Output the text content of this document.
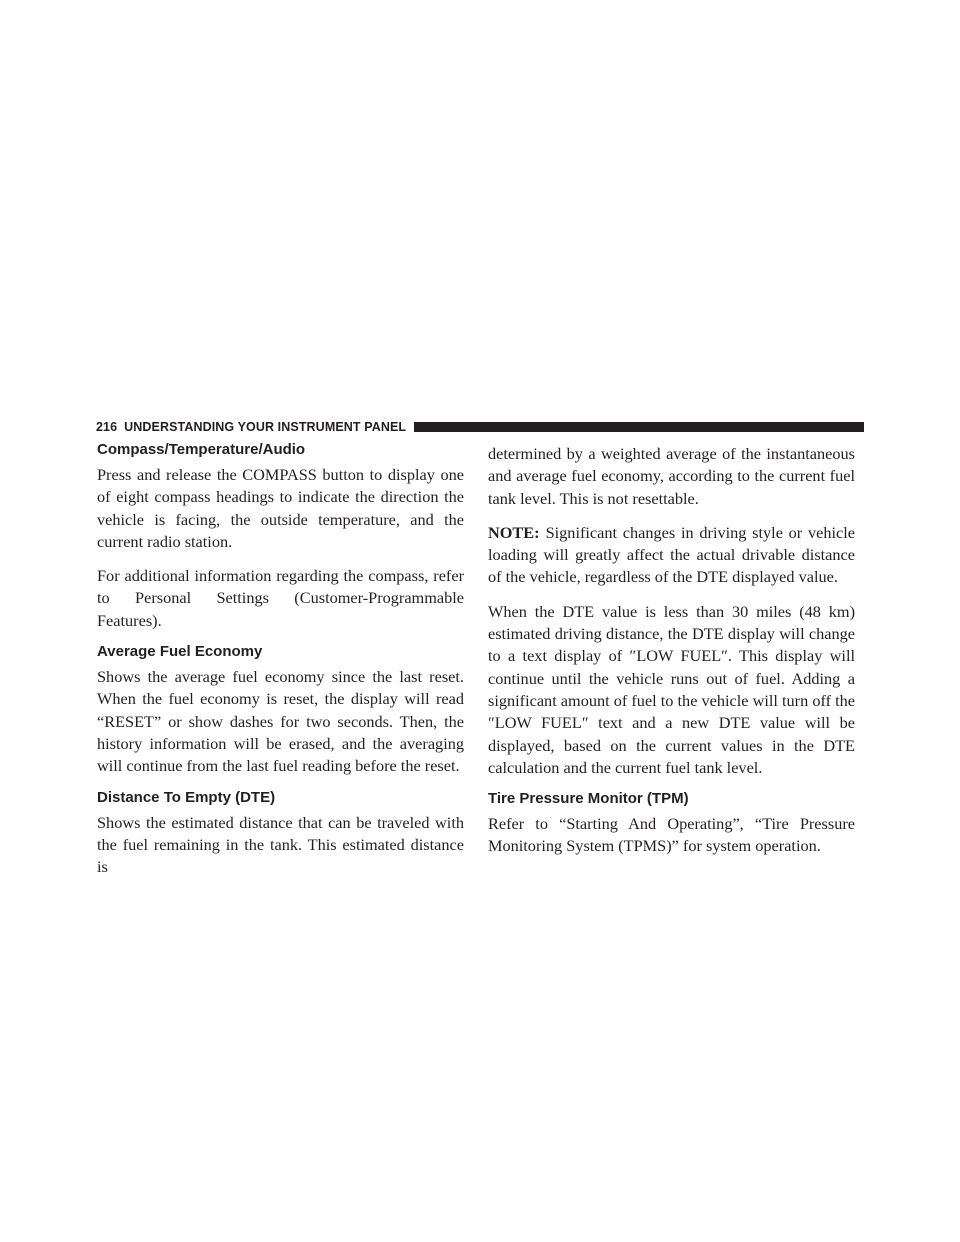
216 UNDERSTANDING YOUR INSTRUMENT PANEL
Compass/Temperature/Audio

Press and release the COMPASS button to display one of eight compass headings to indicate the direction the vehicle is facing, the outside temperature, and the current radio station.

For additional information regarding the compass, refer to Personal Settings (Customer-Programmable Features).

Average Fuel Economy

Shows the average fuel economy since the last reset. When the fuel economy is reset, the display will read “RESET” or show dashes for two seconds. Then, the history information will be erased, and the averaging will continue from the last fuel reading before the reset.

Distance To Empty (DTE)

Shows the estimated distance that can be traveled with the fuel remaining in the tank. This estimated distance is

determined by a weighted average of the instantaneous and average fuel economy, according to the current fuel tank level. This is not resettable.

NOTE: Significant changes in driving style or vehicle loading will greatly affect the actual drivable distance of the vehicle, regardless of the DTE displayed value.

When the DTE value is less than 30 miles (48 km) estimated driving distance, the DTE display will change to a text display of ″LOW FUEL″. This display will continue until the vehicle runs out of fuel. Adding a significant amount of fuel to the vehicle will turn off the ″LOW FUEL″ text and a new DTE value will be displayed, based on the current values in the DTE calculation and the current fuel tank level.

Tire Pressure Monitor (TPM)

Refer to “Starting And Operating”, “Tire Pressure Monitoring System (TPMS)” for system operation.
